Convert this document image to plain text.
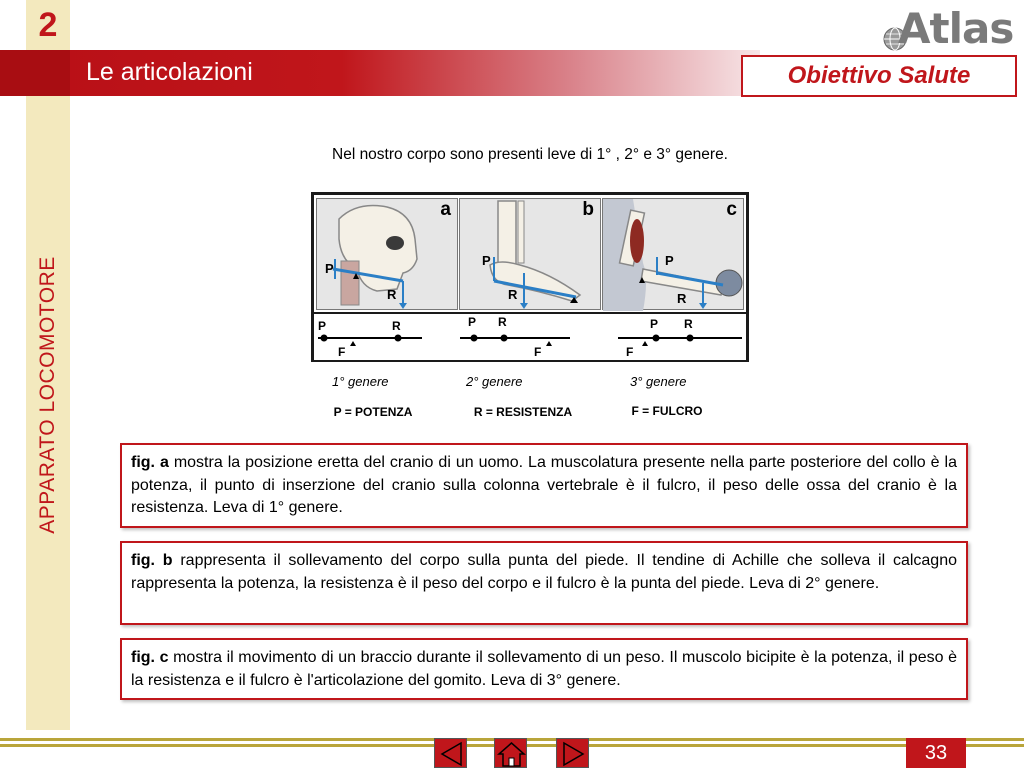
2
APPARATO LOCOMOTORE
Le articolazioni	Obiettivo Salute
Atlas
Nel nostro corpo sono presenti leve di 1° , 2° e 3° genere.
P
R
a
P
R
b
P
R
c
P	R
F
P R
F
P R
F
1° genere	2° genere	3° genere
P = POTENZA	R = RESISTENZA	F = FULCRO
fig. a mostra la posizione eretta del cranio di un uomo. La muscolatura presente nella parte posteriore del collo è la potenza, il punto di inserzione del cranio sulla colonna vertebrale è il fulcro, il peso delle ossa del cranio è la resistenza. Leva di 1° genere.
fig. b rappresenta il sollevamento del corpo sulla punta del piede. Il tendine di Achille che solleva il calcagno rappresenta la potenza, la resistenza è il peso del corpo e il fulcro è la punta del piede. Leva di 2° genere.
fig. c mostra il movimento di un braccio durante il sollevamento di un peso. Il muscolo bicipite è la potenza, il peso è la resistenza e il fulcro è l'articolazione del gomito. Leva di 3° genere.
33
